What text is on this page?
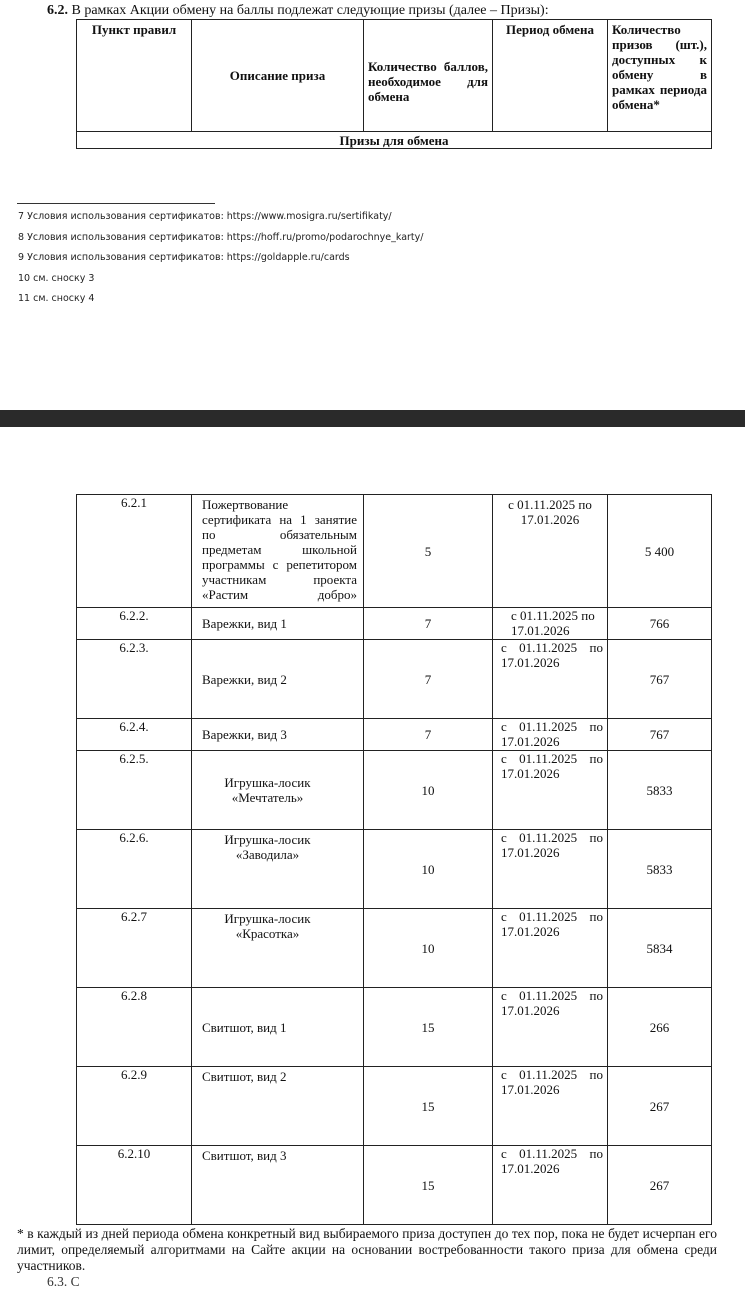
6.2. В рамках Акции обмену на баллы подлежат следующие призы (далее – Призы):
Пункт правил	Описание приза	Количество баллов, необходимое для обмена	Период обмена	Количество призов (шт.), доступных к обмену в рамках периода обмена*
Призы для обмена
7 Условия использования сертификатов: https://www.mosigra.ru/sertifikaty/
8 Условия использования сертификатов: https://hoff.ru/promo/podarochnye_karty/
9 Условия использования сертификатов: https://goldapple.ru/cards
10 см. сноску 3
11 см. сноску 4
6.2.1	Пожертвование сертификата на 1 занятие по обязательным предметам школьной программы с репетитором участникам проекта «Растим добро»	5	с 01.11.2025 по 17.01.2026	5 400
6.2.2.	Варежки, вид 1	7	с 01.11.2025 по 17.01.2026	766
6.2.3.	Варежки, вид 2	7	с 01.11.2025 по 17.01.2026	767
6.2.4.	Варежки, вид 3	7	с 01.11.2025 по 17.01.2026	767
6.2.5.	Игрушка-лосик «Мечтатель»	10	с 01.11.2025 по 17.01.2026	5833
6.2.6.	Игрушка-лосик «Заводила»	10	с 01.11.2025 по 17.01.2026	5833
6.2.7	Игрушка-лосик «Красотка»	10	с 01.11.2025 по 17.01.2026	5834
6.2.8	Свитшот, вид 1	15	с 01.11.2025 по 17.01.2026	266
6.2.9	Свитшот, вид 2	15	с 01.11.2025 по 17.01.2026	267
6.2.10	Свитшот, вид 3	15	с 01.11.2025 по 17.01.2026	267
* в каждый из дней периода обмена конкретный вид выбираемого приза доступен до тех пор, пока не будет исчерпан его лимит, определяемый алгоритмами на Сайте акции на основании востребованности такого приза для обмена среди участников.
6.3. С
